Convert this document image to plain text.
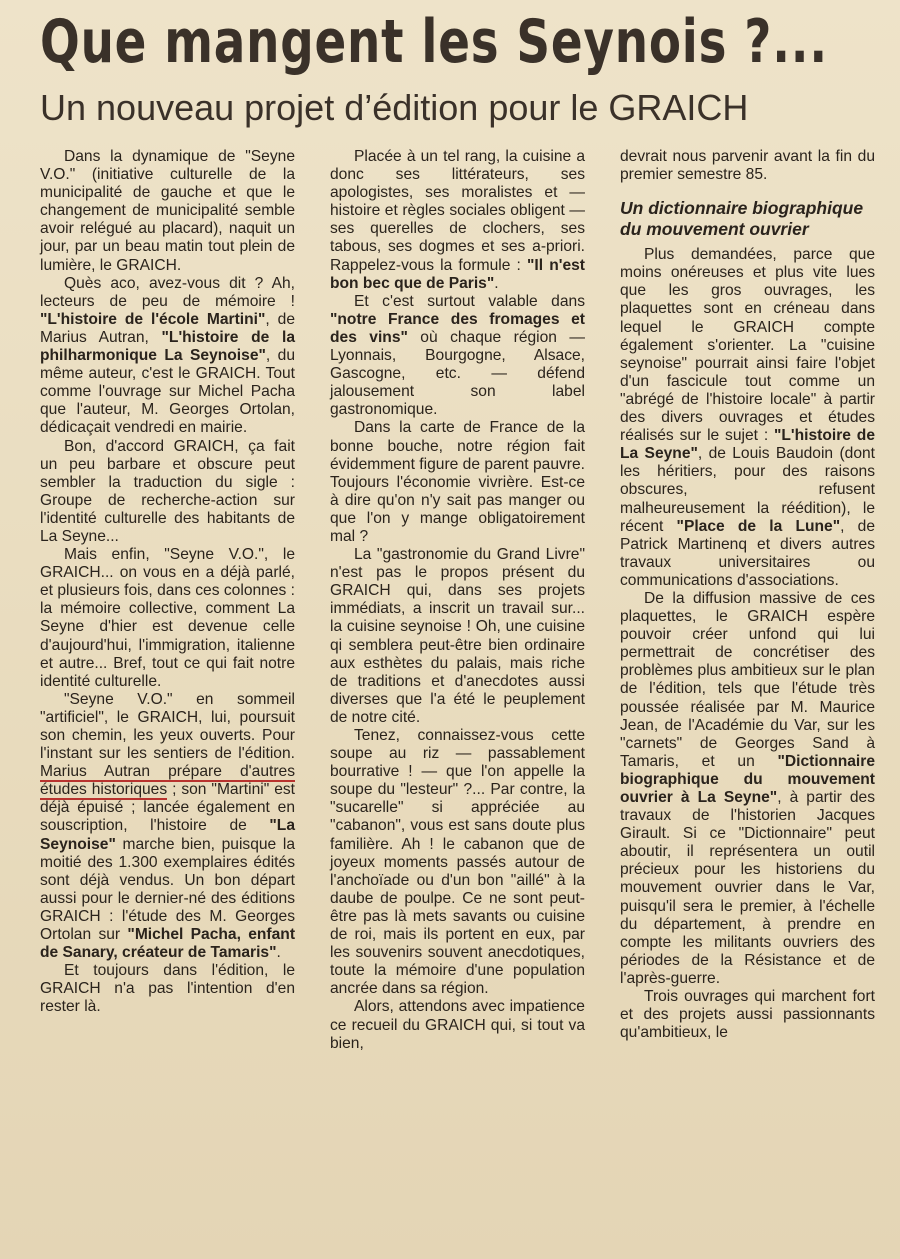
Que mangent les Seynois ?...
Un nouveau projet d’édition pour le GRAICH

Dans la dynamique de "Seyne V.O." (initiative culturelle de la municipalité de gauche et que le changement de municipalité semble avoir relégué au placard), naquit un jour, par un beau matin tout plein de lumière, le GRAICH.

Quès aco, avez-vous dit ? Ah, lecteurs de peu de mémoire ! "L'histoire de l'école Martini", de Marius Autran, "L'histoire de la philharmonique La Seynoise", du même auteur, c'est le GRAICH. Tout comme l'ouvrage sur Michel Pacha que l'auteur, M. Georges Ortolan, dédicaçait vendredi en mairie.

Bon, d'accord GRAICH, ça fait un peu barbare et obscure peut sembler la traduction du sigle : Groupe de recherche-action sur l'identité culturelle des habitants de La Seyne...

Mais enfin, "Seyne V.O.", le GRAICH... on vous en a déjà parlé, et plusieurs fois, dans ces colonnes : la mémoire collective, comment La Seyne d'hier est devenue celle d'aujourd'hui, l'immigration, italienne et autre... Bref, tout ce qui fait notre identité culturelle.

"Seyne V.O." en sommeil "artificiel", le GRAICH, lui, poursuit son chemin, les yeux ouverts. Pour l'instant sur les sentiers de l'édition. Marius Autran prépare d'autres études historiques ; son "Martini" est déjà épuisé ; lancée également en souscription, l'histoire de "La Seynoise" marche bien, puisque la moitié des 1.300 exemplaires édités sont déjà vendus. Un bon départ aussi pour le dernier-né des éditions GRAICH : l'étude des M. Georges Ortolan sur "Michel Pacha, enfant de Sanary, créateur de Tamaris".

Et toujours dans l'édition, le GRAICH n'a pas l'intention d'en rester là.

Placée à un tel rang, la cuisine a donc ses littérateurs, ses apologistes, ses moralistes et — histoire et règles sociales obligent — ses querelles de clochers, ses tabous, ses dogmes et ses a-priori. Rappelez-vous la formule : "Il n'est bon bec que de Paris".

Et c'est surtout valable dans "notre France des fromages et des vins" où chaque région — Lyonnais, Bourgogne, Alsace, Gascogne, etc. — défend jalousement son label gastronomique.

Dans la carte de France de la bonne bouche, notre région fait évidemment figure de parent pauvre. Toujours l'économie vivrière. Est-ce à dire qu'on n'y sait pas manger ou que l'on y mange obligatoirement mal ?

La "gastronomie du Grand Livre" n'est pas le propos présent du GRAICH qui, dans ses projets immédiats, a inscrit un travail sur... la cuisine seynoise ! Oh, une cuisine qi semblera peut-être bien ordinaire aux esthètes du palais, mais riche de traditions et d'anecdotes aussi diverses que l'a été le peuplement de notre cité.

Tenez, connaissez-vous cette soupe au riz — passablement bourrative ! — que l'on appelle la soupe du "lesteur" ?... Par contre, la "sucarelle" si appréciée au "cabanon", vous est sans doute plus familière. Ah ! le cabanon que de joyeux moments passés autour de l'anchoïade ou d'un bon "aillé" à la daube de poulpe. Ce ne sont peut-être pas là mets savants ou cuisine de roi, mais ils portent en eux, par les souvenirs souvent anecdotiques, toute la mémoire d'une population ancrée dans sa région.

Alors, attendons avec impatience ce recueil du GRAICH qui, si tout va bien,

devrait nous parvenir avant la fin du premier semestre 85.

Un dictionnaire biographique du mouvement ouvrier

Plus demandées, parce que moins onéreuses et plus vite lues que les gros ouvrages, les plaquettes sont en créneau dans lequel le GRAICH compte également s'orienter. La "cuisine seynoise" pourrait ainsi faire l'objet d'un fascicule tout comme un "abrégé de l'histoire locale" à partir des divers ouvrages et études réalisés sur le sujet : "L'histoire de La Seyne", de Louis Baudoin (dont les héritiers, pour des raisons obscures, refusent malheureusement la réédition), le récent "Place de la Lune", de Patrick Martinenq et divers autres travaux universitaires ou communications d'associations.

De la diffusion massive de ces plaquettes, le GRAICH espère pouvoir créer unfond qui lui permettrait de concrétiser des problèmes plus ambitieux sur le plan de l'édition, tels que l'étude très poussée réalisée par M. Maurice Jean, de l'Académie du Var, sur les "carnets" de Georges Sand à Tamaris, et un "Dictionnaire biographique du mouvement ouvrier à La Seyne", à partir des travaux de l'historien Jacques Girault. Si ce "Dictionnaire" peut aboutir, il représentera un outil précieux pour les historiens du mouvement ouvrier dans le Var, puisqu'il sera le premier, à l'échelle du département, à prendre en compte les militants ouvriers des périodes de la Résistance et de l'après-guerre.

Trois ouvrages qui marchent fort et des projets aussi passionnants qu'ambitieux, le
